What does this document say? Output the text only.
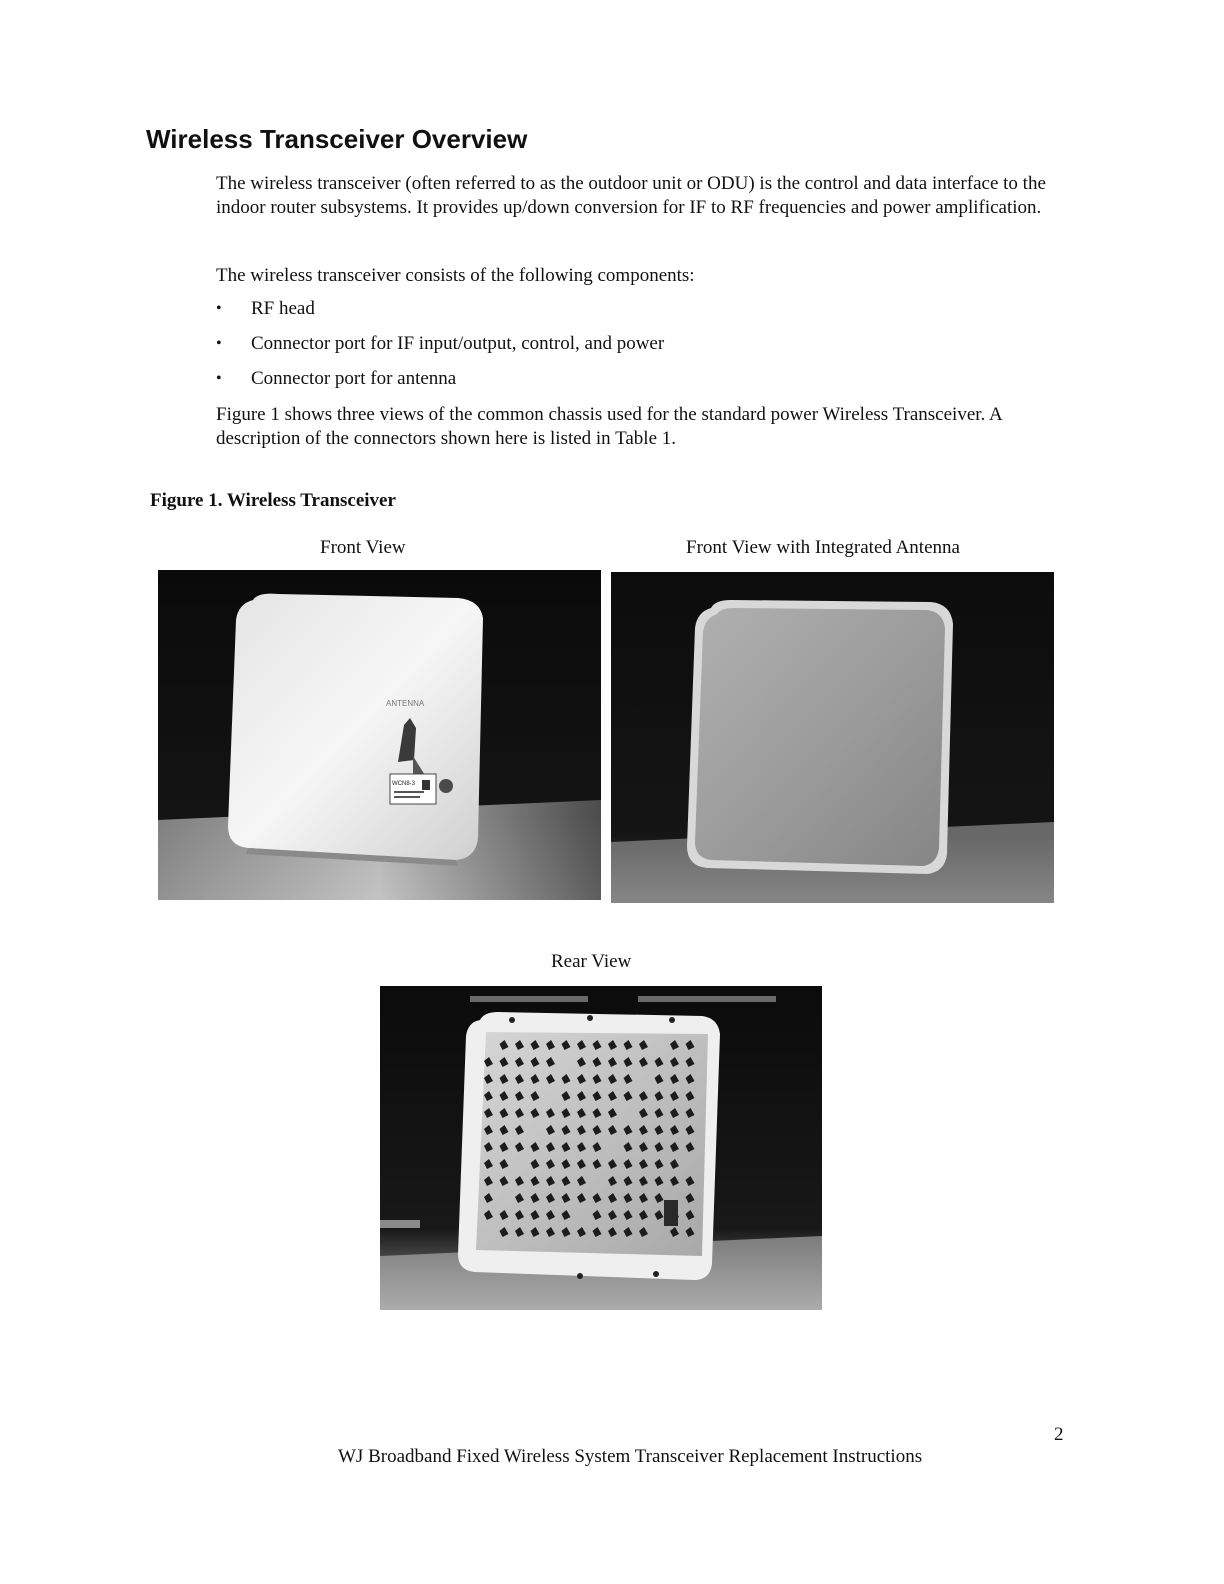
Wireless Transceiver Overview

The wireless transceiver (often referred to as the outdoor unit or ODU) is the control and data interface to the indoor router subsystems. It provides up/down conversion for IF to RF frequencies and power amplification.

The wireless transceiver consists of the following components:

• RF head
• Connector port for IF input/output, control, and power
• Connector port for antenna

Figure 1 shows three views of the common chassis used for the standard power Wireless Transceiver. A description of the connectors shown here is listed in Table 1.

Figure 1. Wireless Transceiver

Front View	Front View with Integrated Antenna
ANTENNA
WCN8-3
Rear View
2
WJ Broadband Fixed Wireless System Transceiver Replacement Instructions
